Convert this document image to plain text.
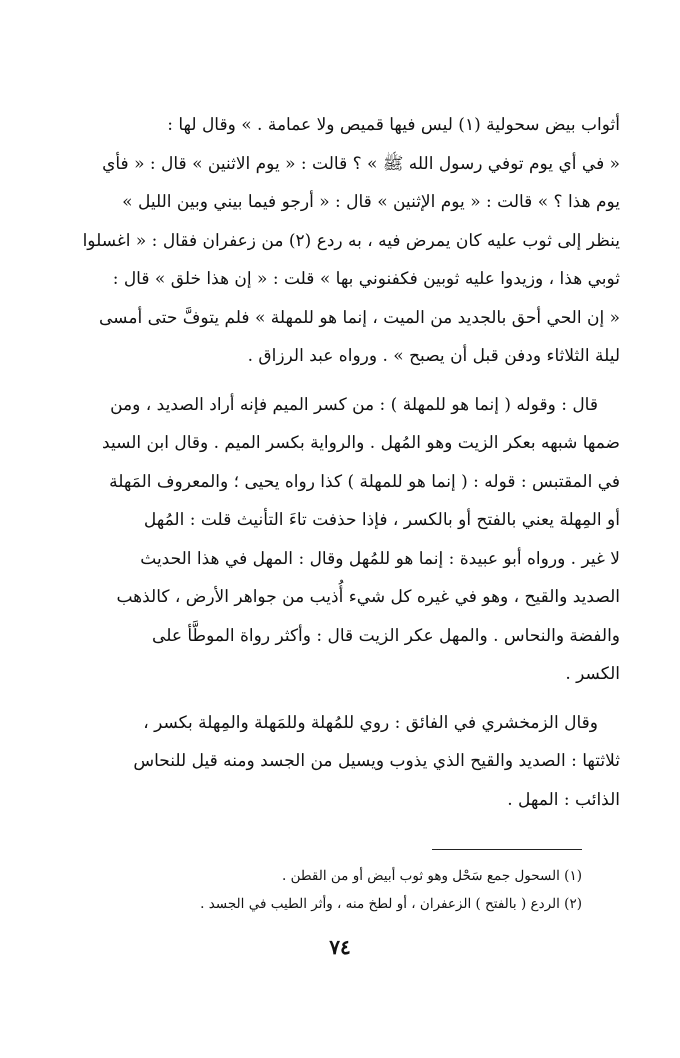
أثواب بيض سحولية (١) ليس فيها قميص ولا عمامة . » وقال لها :
« في أي يوم توفي رسول الله ﷺ » ؟ قالت : « يوم الاثنين » قال : « فأي
يوم هذا ؟ » قالت : « يوم الإثنين » قال : « أرجو فيما بيني وبين الليل »
ينظر إلى ثوب عليه كان يمرض فيه ، به ردع (٢) من زعفران فقال : « اغسلوا
ثوبي هذا ، وزيدوا عليه ثوبين فكفنوني بها » قلت : « إن هذا خلق » قال :
« إن الحي أحق بالجديد من الميت ، إنما هو للمهلة » فلم يتوفَّ حتى أمسى
ليلة الثلاثاء ودفن قبل أن يصبح » . ورواه عبد الرزاق .
قال : وقوله ( إنما هو للمهلة ) : من كسر الميم فإنه أراد الصديد ، ومن
ضمها شبهه بعكر الزيت وهو المُهل . والرواية بكسر الميم . وقال ابن السيد
في المقتبس : قوله : ( إنما هو للمهلة ) كذا رواه يحيى ؛ والمعروف المَهلة
أو المِهلة يعني بالفتح أو بالكسر ، فإذا حذفت تاءَ التأنيث قلت : المُهل
لا غير . ورواه أبو عبيدة : إنما هو للمُهل وقال : المهل في هذا الحديث
الصديد والقيح ، وهو في غيره كل شيء أُذيب من جواهر الأرض ، كالذهب
والفضة والنحاس . والمهل عكر الزيت قال : وأكثر رواة الموطَّأ على
الكسر .
وقال الزمخشري في الفائق : روي للمُهلة وللمَهلة والمِهلة بكسر ،
ثلاثتها : الصديد والقيح الذي يذوب ويسيل من الجسد ومنه قيل للنحاس
الذائب : المهل .
(١) السحول جمع سَحْل وهو ثوب أبيض أو من القطن .
(٢) الردع ( بالفتح ) الزعفران ، أو لطخ منه ، وأثر الطيب في الجسد .
٧٤
